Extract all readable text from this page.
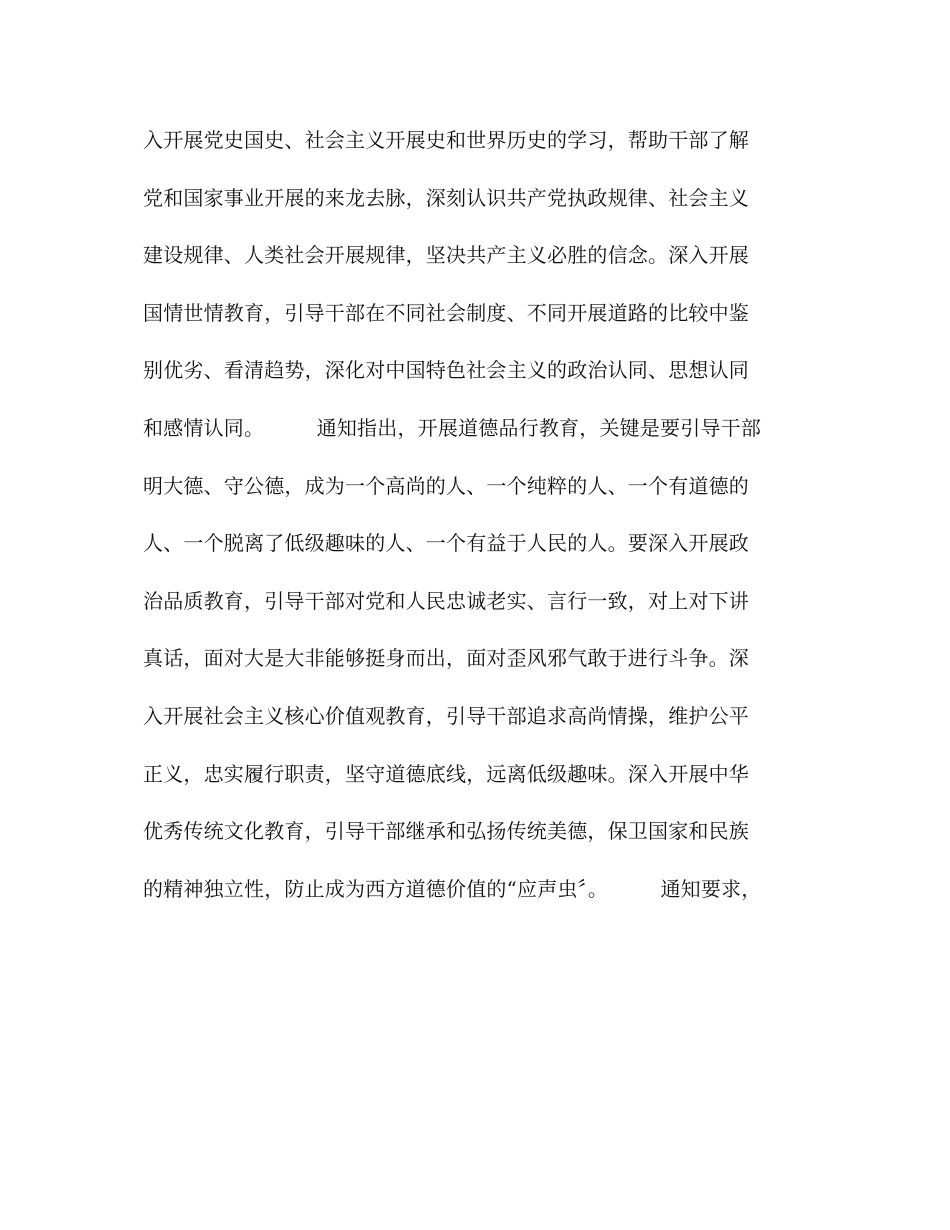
入开展党史国史、社会主义开展史和世界历史的学习，帮助干部了解
党和国家事业开展的来龙去脉，深刻认识共产党执政规律、社会主义
建设规律、人类社会开展规律，坚决共产主义必胜的信念。深入开展
国情世情教育，引导干部在不同社会制度、不同开展道路的比较中鉴
别优劣、看清趋势，深化对中国特色社会主义的政治认同、思想认同
和感情认同。        通知指出，开展道德品行教育，关键是要引导干部
明大德、守公德，成为一个高尚的人、一个纯粹的人、一个有道德的
人、一个脱离了低级趣味的人、一个有益于人民的人。要深入开展政
治品质教育，引导干部对党和人民忠诚老实、言行一致，对上对下讲
真话，面对大是大非能够挺身而出，面对歪风邪气敢于进行斗争。深
入开展社会主义核心价值观教育，引导干部追求高尚情操，维护公平
正义，忠实履行职责，坚守道德底线，远离低级趣味。深入开展中华
优秀传统文化教育，引导干部继承和弘扬传统美德，保卫国家和民族
的精神独立性，防止成为西方道德价值的“应声虫〞。        通知要求，
